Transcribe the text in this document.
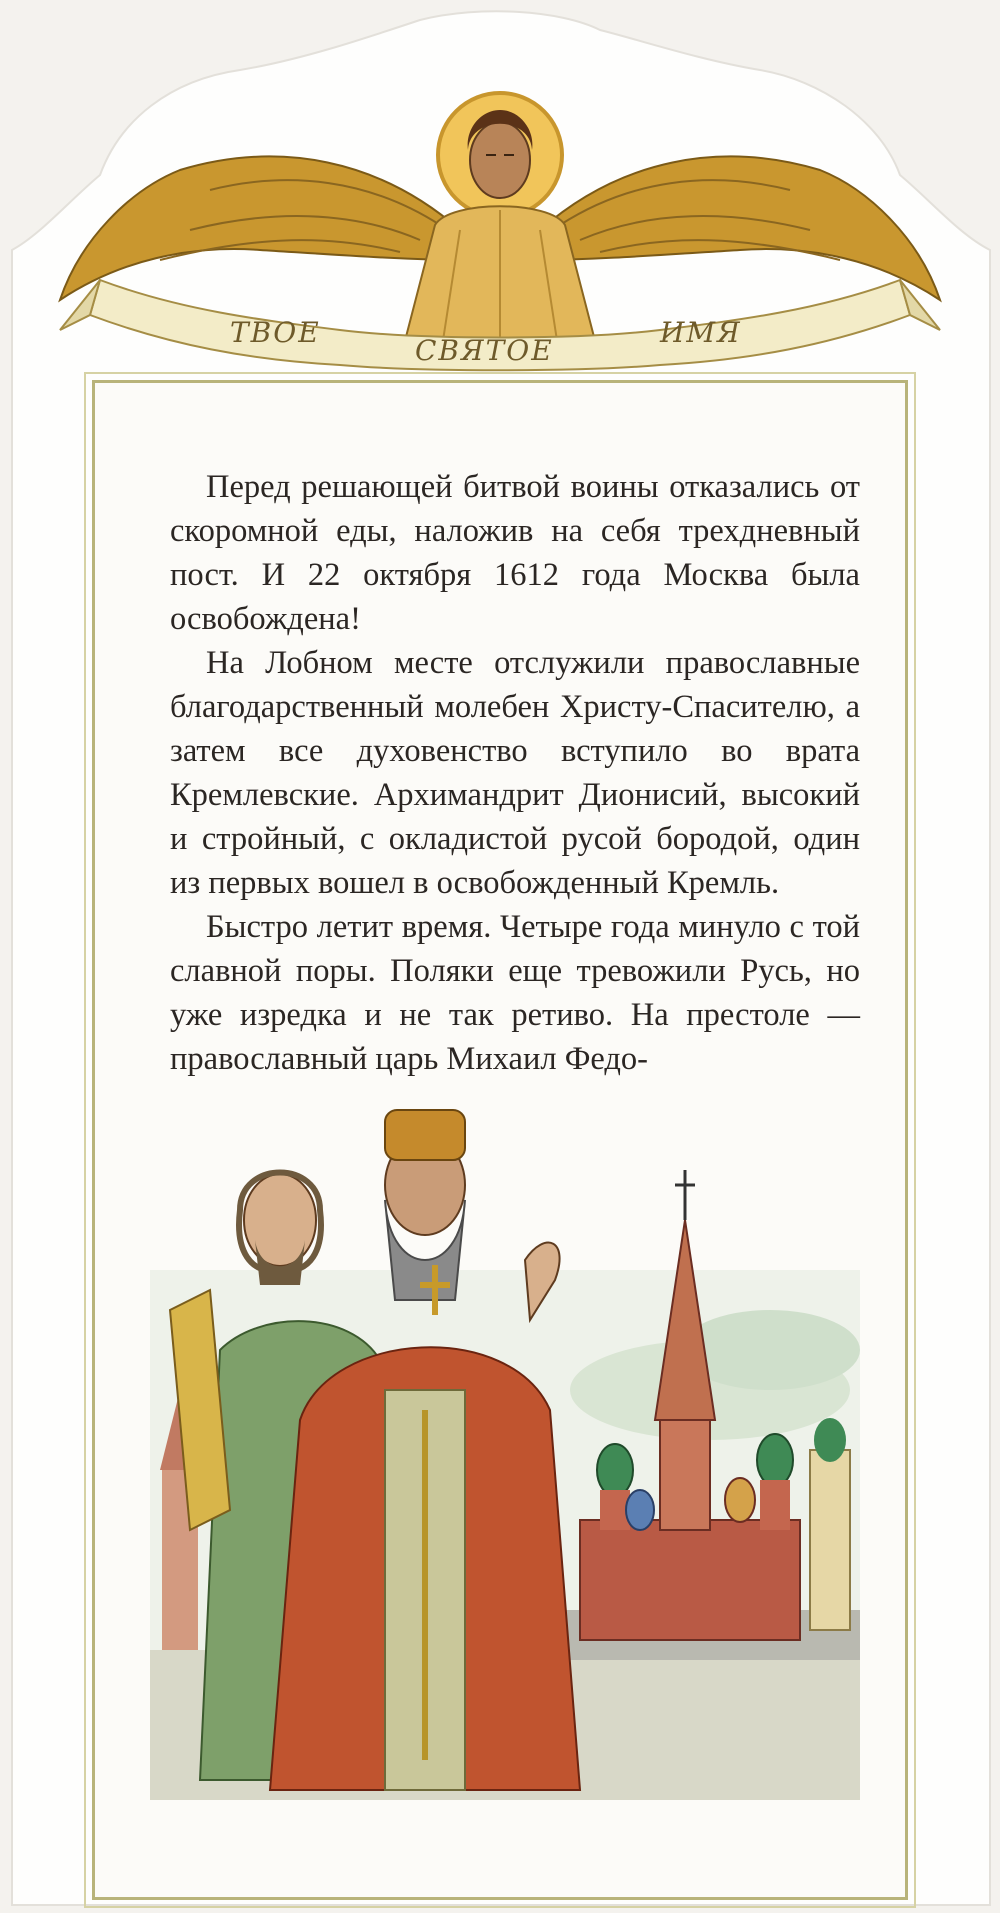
ТВОЕ
СВЯТОЕ
ИМЯ

Перед решающей битвой воины отказались от скоромной еды, наложив на себя трехдневный пост. И 22 октября 1612 года Москва была освобождена!

На Лобном месте отслужили православные благодарственный молебен Христу-Спасителю, а затем все духовенство вступило во врата Кремлевские. Архимандрит Дионисий, высокий и стройный, с окладистой русой бородой, один из первых вошел в освобожденный Кремль.

Быстро летит время. Четыре года минуло с той славной поры. Поляки еще тревожили Русь, но уже изредка и не так ретиво. На престоле — православный царь Михаил Федо-
